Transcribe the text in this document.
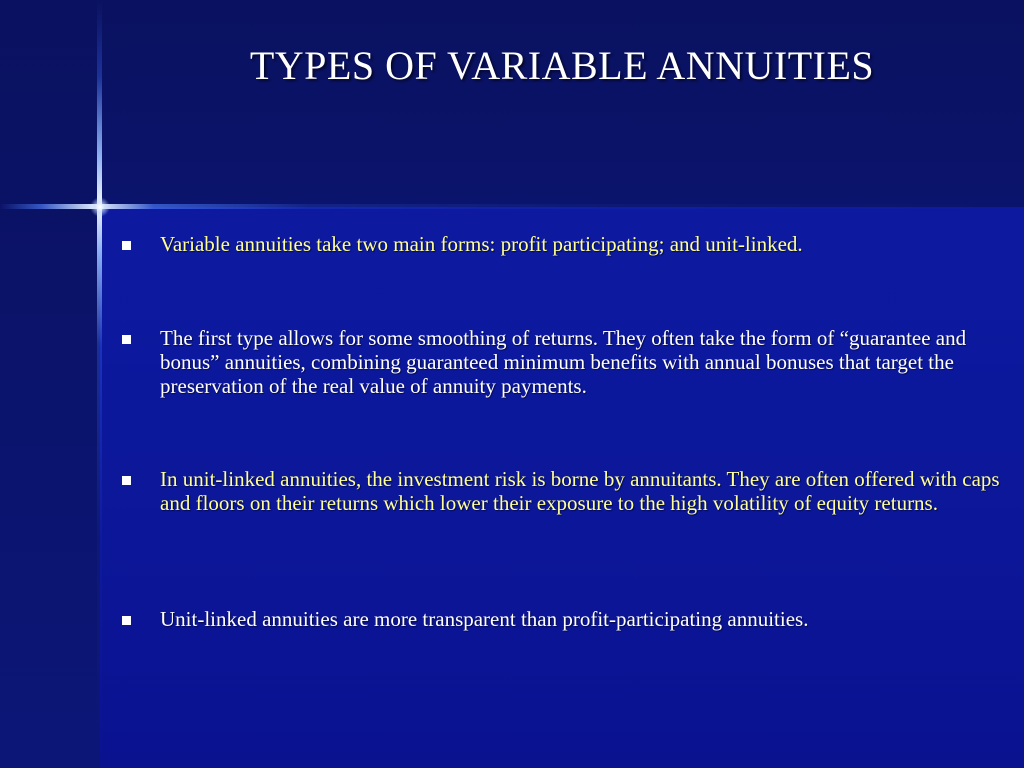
TYPES OF VARIABLE ANNUITIES
Variable annuities take two main forms: profit participating; and unit-linked.
The first type allows for some smoothing of returns. They often take the form of “guarantee and bonus” annuities, combining guaranteed minimum benefits with annual bonuses that target the preservation of the real value of annuity payments.
In unit-linked annuities, the investment risk is borne by annuitants. They are often offered with caps and floors on their returns which lower their exposure to the high volatility of equity returns.
Unit-linked annuities are more transparent than profit-participating annuities.
